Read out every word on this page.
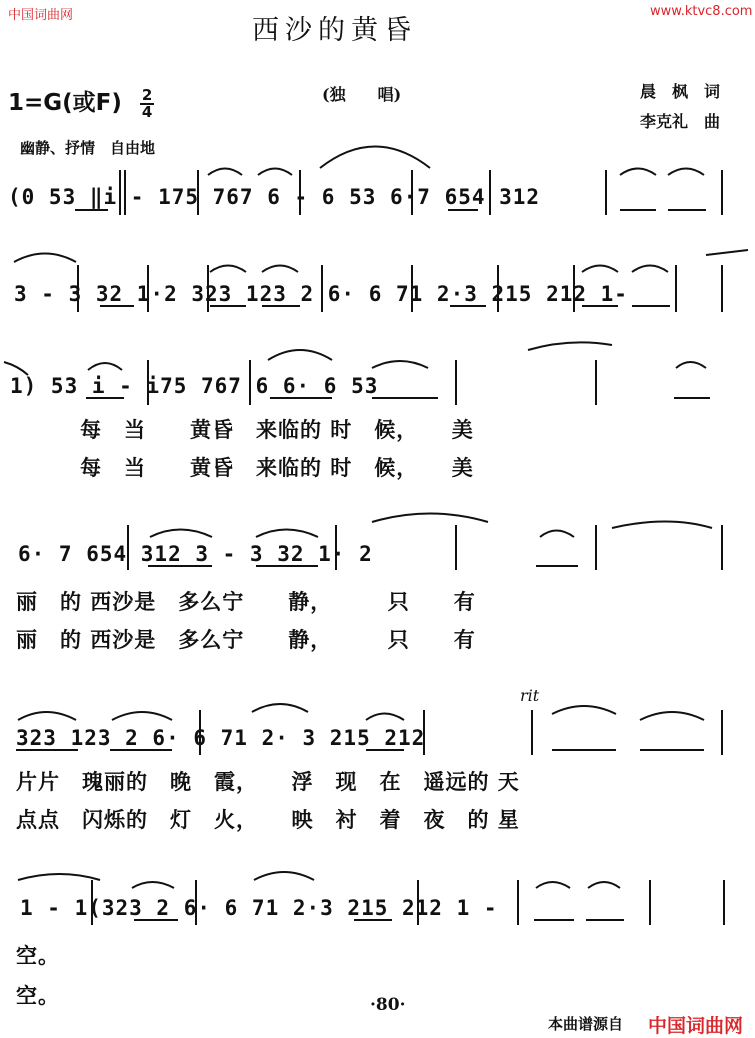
中国词曲网	www.ktvc8.com
西沙的黄昏
1=G(或$F) \frac{2}{4}$	(独　　唱)	晨　枫　词
李克礼　曲
幽静、抒情　自由地
(0 53 ‖i - 175 767 6 - 6 53 6·7 654 312
3 - 3 32 1·2 323 123 2 6· 6 71 2·3 215 212 1-
1) 53 i - i75 767 6 6· 6 53
每　当　　黄昏　来临的 时　候，　　美
每　当　　黄昏　来临的 时　候，　　美
6· 7 654 312 3 - 3 32 1· 2
丽　的 西沙是　多么宁　　静，　　　只　　有
丽　的 西沙是　多么宁　　静，　　　只　　有
rit
323 123 2 6· 6 71 2· 3 215 212
片片　瑰丽的　晚　霞，　　浮　现　在　遥远的 天
点点　闪烁的　灯　火，　　映　衬　着　夜　的 星
1 - 1(323 2 6· 6 71 2·3 215 212 1 -
空。
空。	·80·
本曲谱源自 中国词曲网
